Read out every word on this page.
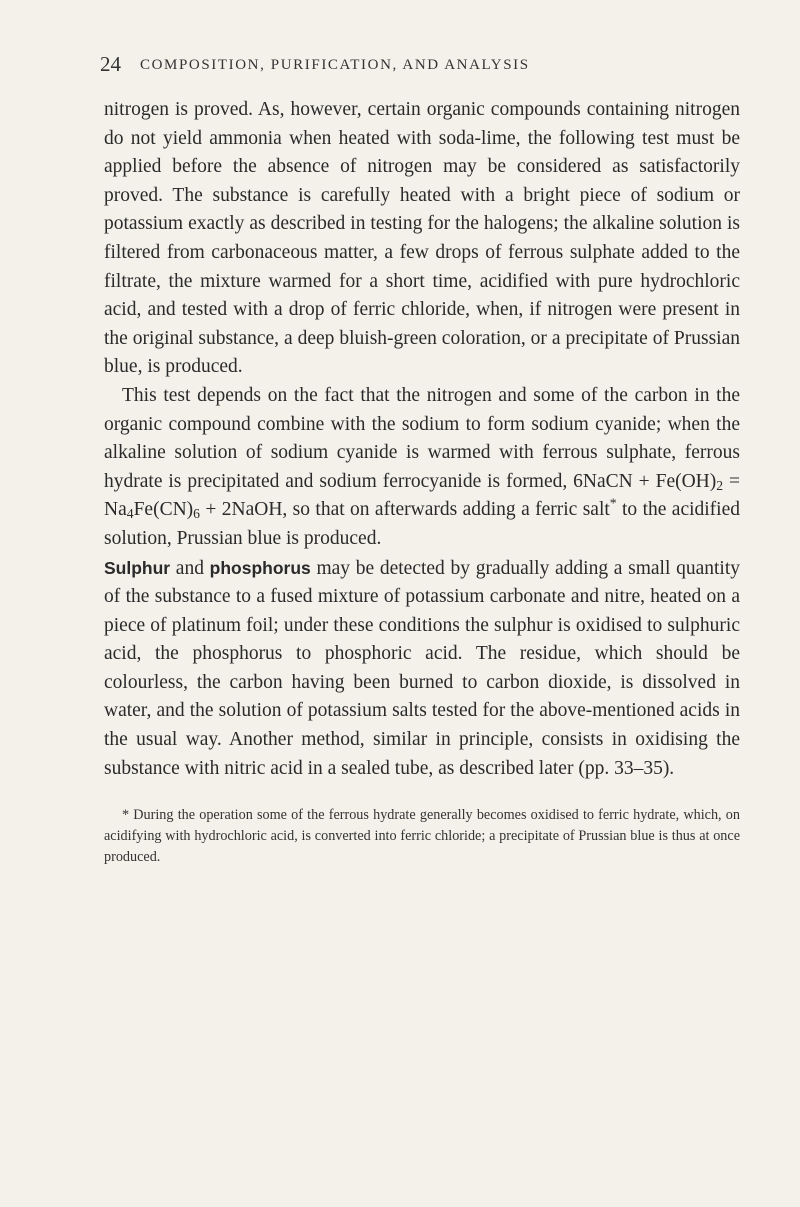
24 COMPOSITION, PURIFICATION, AND ANALYSIS

nitrogen is proved. As, however, certain organic compounds containing nitrogen do not yield ammonia when heated with soda-lime, the following test must be applied before the absence of nitrogen may be considered as satisfactorily proved. The substance is carefully heated with a bright piece of sodium or potassium exactly as described in testing for the halogens; the alkaline solution is filtered from carbonaceous matter, a few drops of ferrous sulphate added to the filtrate, the mixture warmed for a short time, acidified with pure hydrochloric acid, and tested with a drop of ferric chloride, when, if nitrogen were present in the original substance, a deep bluish-green coloration, or a precipitate of Prussian blue, is produced.

This test depends on the fact that the nitrogen and some of the carbon in the organic compound combine with the sodium to form sodium cyanide; when the alkaline solution of sodium cyanide is warmed with ferrous sulphate, ferrous hydrate is precipitated and sodium ferrocyanide is formed, 6NaCN + $Fe(OH)_2 = Na_4Fe(CN)_6$ + 2NaOH, so that on afterwards adding a ferric salt* to the acidified solution, Prussian blue is produced.

Sulphur and phosphorus may be detected by gradually adding a small quantity of the substance to a fused mixture of potassium carbonate and nitre, heated on a piece of platinum foil; under these conditions the sulphur is oxidised to sulphuric acid, the phosphorus to phosphoric acid. The residue, which should be colourless, the carbon having been burned to carbon dioxide, is dissolved in water, and the solution of potassium salts tested for the above-mentioned acids in the usual way. Another method, similar in principle, consists in oxidising the substance with nitric acid in a sealed tube, as described later (pp. 33–35).

* During the operation some of the ferrous hydrate generally becomes oxidised to ferric hydrate, which, on acidifying with hydrochloric acid, is converted into ferric chloride; a precipitate of Prussian blue is thus at once produced.
